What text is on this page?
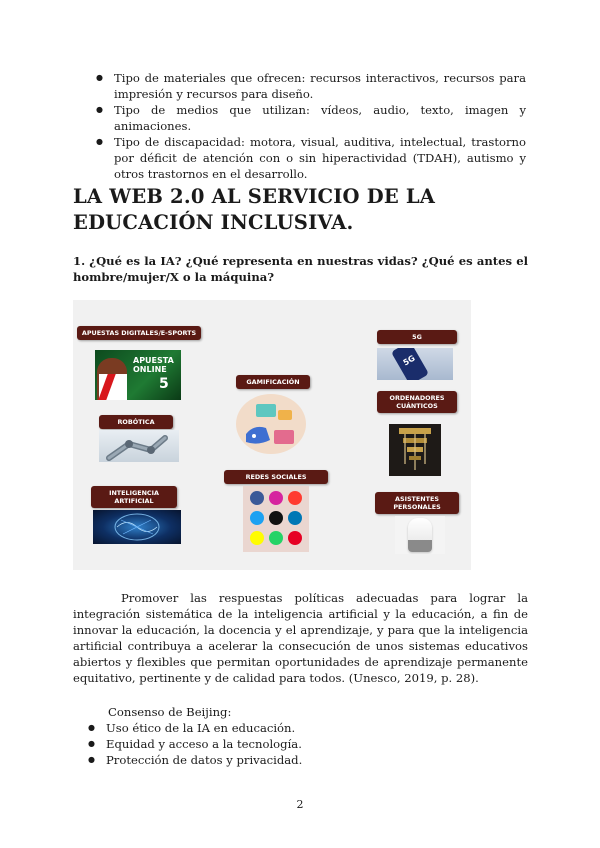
● Tipo de materiales que ofrecen: recursos interactivos, recursos para impresión y recursos para diseño.
● Tipo de medios que utilizan: vídeos, audio, texto, imagen y animaciones.
● Tipo de discapacidad: motora, visual, auditiva, intelectual, trastorno por déficit de atención con o sin hiperactividad (TDAH), autismo y otros trastornos en el desarrollo.
LA WEB 2.0 AL SERVICIO DE LA EDUCACIÓN INCLUSIVA.

1. ¿Qué es la IA? ¿Qué representa en nuestras vidas? ¿Qué es antes el hombre/mujer/X o la máquina?

APUESTAS DIGITALES/E-SPORTS
APUESTA ONLINE
5
ROBÓTICA
INTELIGENCIA ARTIFICIAL
GAMIFICACIÓN
REDES SOCIALES
5G
5G
ORDENADORES CUÁNTICOS
ASISTENTES PERSONALES

Promover las respuestas políticas adecuadas para lograr la integración sistemática de la inteligencia artificial y la educación, a fin de innovar la educación, la docencia y el aprendizaje, y para que la inteligencia artificial contribuya a acelerar la consecución de unos sistemas educativos abiertos y flexibles que permitan oportunidades de aprendizaje permanente equitativo, pertinente y de calidad para todos. (Unesco, 2019, p. 28).

Consenso de Beijing:

● Uso ético de la IA en educación.
● Equidad y acceso a la tecnología.
● Protección de datos y privacidad.
2
